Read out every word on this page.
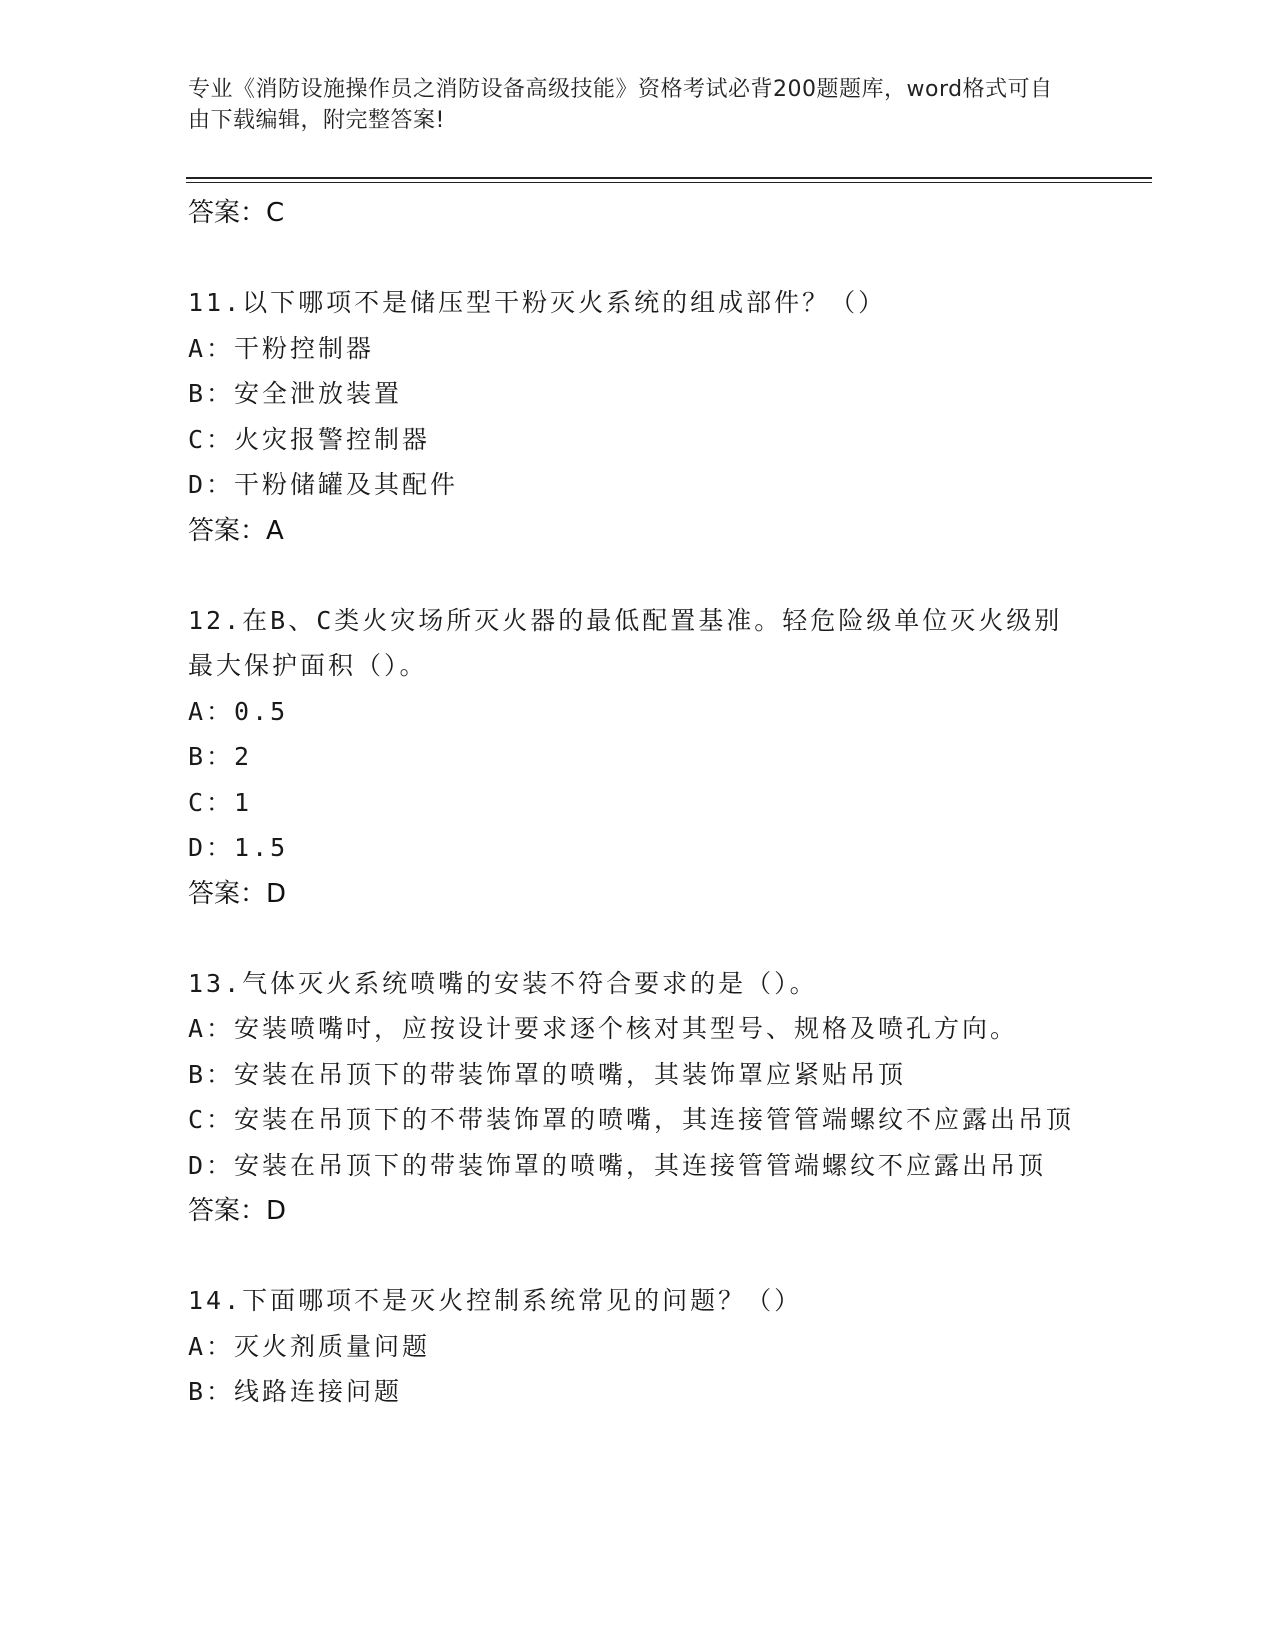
专业《消防设施操作员之消防设备高级技能》资格考试必背200题题库，word格式可自由下载编辑，附完整答案!

答案：C

11.以下哪项不是储压型干粉灭火系统的组成部件？（）

A：干粉控制器

B：安全泄放装置

C：火灾报警控制器

D：干粉储罐及其配件

答案：A

12.在B、C类火灾场所灭火器的最低配置基准。轻危险级单位灭火级别最大保护面积（）。

A：0.5

B：2

C：1

D：1.5

答案：D

13.气体灭火系统喷嘴的安装不符合要求的是（）。

A：安装喷嘴吋，应按设计要求逐个核对其型号、规格及喷孔方向。

B：安装在吊顶下的带装饰罩的喷嘴，其装饰罩应紧贴吊顶

C：安装在吊顶下的不带装饰罩的喷嘴，其连接管管端螺纹不应露出吊顶

D：安装在吊顶下的带装饰罩的喷嘴，其连接管管端螺纹不应露出吊顶

答案：D

14.下面哪项不是灭火控制系统常见的问题？（）

A：灭火剂质量问题

B：线路连接问题
